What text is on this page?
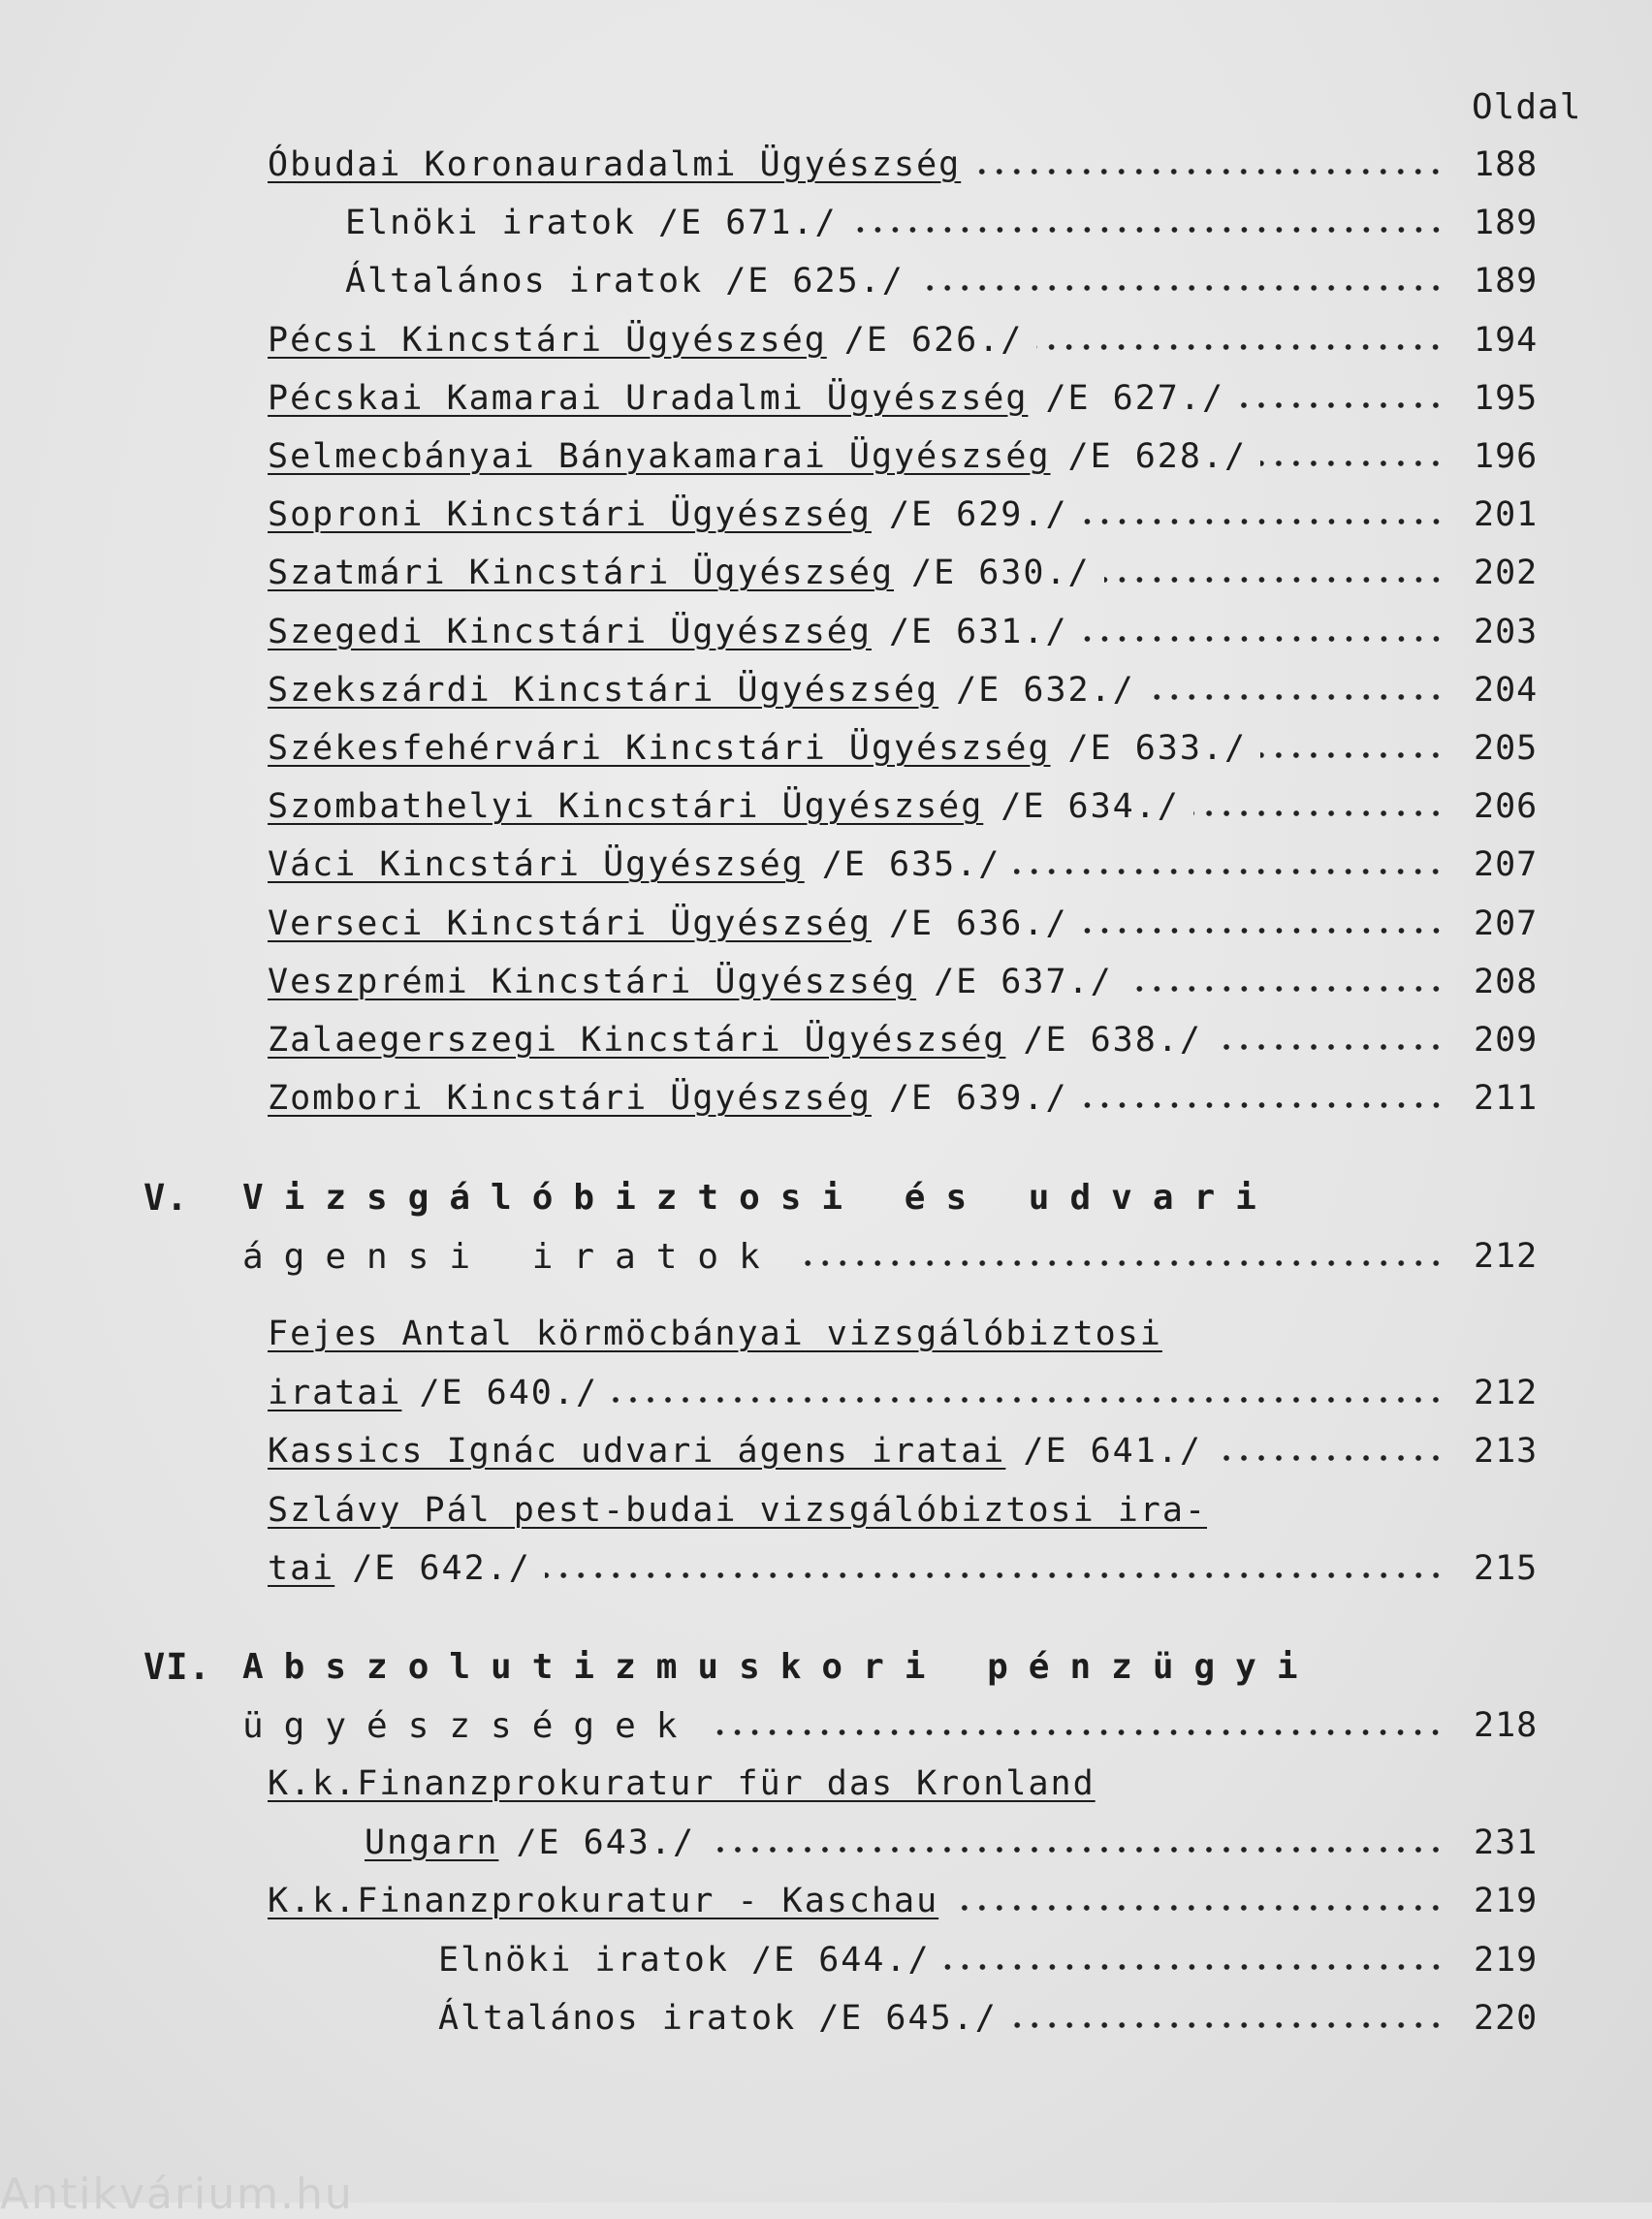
Oldal
Óbudai Koronauradalmi Ügyészség	188
Elnöki iratok /E 671./	189
Általános iratok /E 625./	189
Pécsi Kincstári Ügyészség /E 626./	194
Pécskai Kamarai Uradalmi Ügyészség /E 627./	195
Selmecbányai Bányakamarai Ügyészség /E 628./	196
Soproni Kincstári Ügyészség /E 629./	201
Szatmári Kincstári Ügyészség /E 630./	202
Szegedi Kincstári Ügyészség /E 631./	203
Szekszárdi Kincstári Ügyészség /E 632./	204
Székesfehérvári Kincstári Ügyészség /E 633./	205
Szombathelyi Kincstári Ügyészség /E 634./	206
Váci Kincstári Ügyészség /E 635./	207
Verseci Kincstári Ügyészség /E 636./	207
Veszprémi Kincstári Ügyészség /E 637./	208
Zalaegerszegi Kincstári Ügyészség /E 638./	209
Zombori Kincstári Ügyészség /E 639./	211
V. Vizsgálóbiztosi és udvari
ágensi iratok	212
Fejes Antal körmöcbányai vizsgálóbiztosi
iratai /E 640./	212
Kassics Ignác udvari ágens iratai /E 641./	213
Szlávy Pál pest-budai vizsgálóbiztosi ira-
tai /E 642./	215
VI. Abszolutizmuskori pénzügyi
ügyészségek	218
K.k.Finanzprokuratur für das Kronland
Ungarn /E 643./	231
K.k.Finanzprokuratur - Kaschau	219
Elnöki iratok /E 644./	219
Általános iratok /E 645./	220
Antikvárium.hu
